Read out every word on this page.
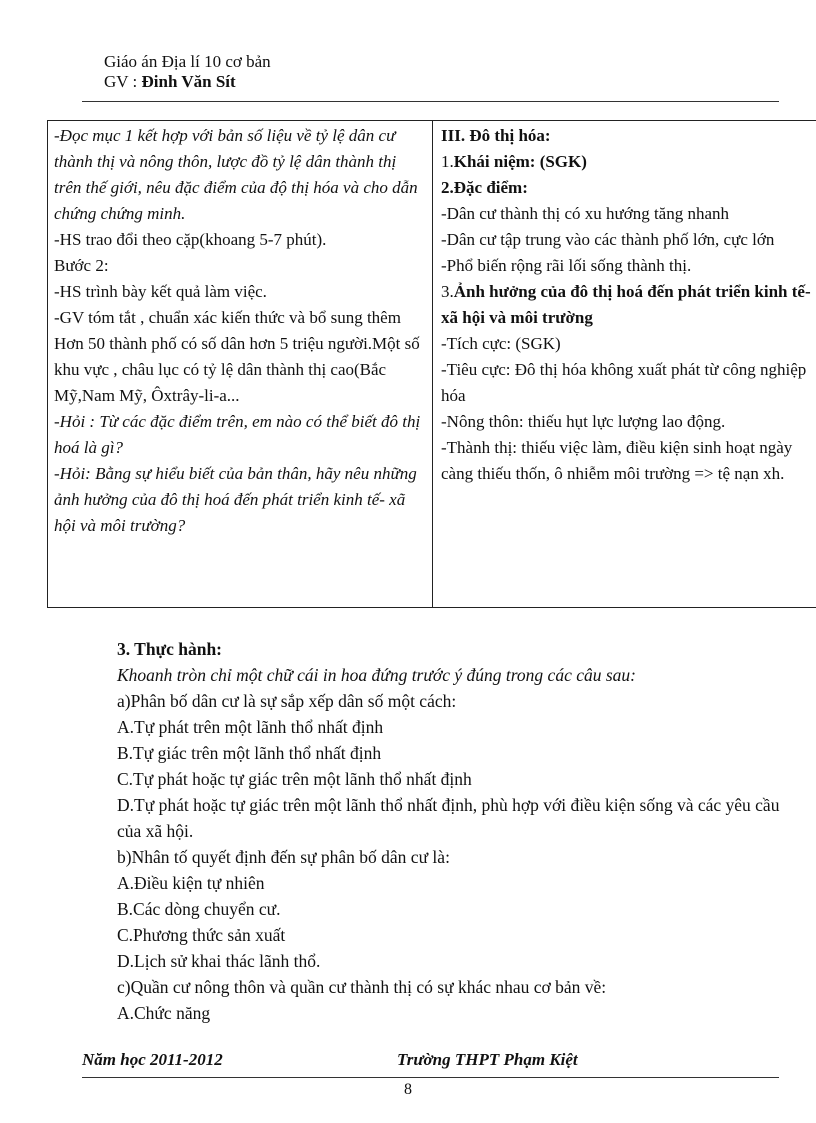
Giáo án Địa lí 10 cơ bản
GV : Đinh Văn Sít
-Đọc mục 1 kết hợp với bản số liệu về tỷ lệ dân cư thành thị và nông thôn, lược đồ tỷ lệ dân thành thị trên thế giới, nêu đặc điểm của độ thị hóa và cho dẫn chứng chứng minh.
-HS trao đổi theo cặp(khoang 5-7 phút).
Bước 2:
-HS trình bày kết quả làm việc.
-GV tóm tắt , chuẩn xác kiến thức và bổ sung thêm
Hơn 50 thành phố có số dân hơn 5 triệu người.Một số khu vực , châu lục có tỷ lệ dân thành thị cao(Bắc Mỹ,Nam Mỹ, Ôxtrây-li-a...
-Hỏi : Từ các đặc điểm trên, em nào có thể biết đô thị hoá là gì?
-Hỏi: Bằng sự hiểu biết của bản thân, hãy nêu những ảnh hưởng của đô thị hoá đến phát triển kinh tế- xã hội và môi trường?

III. Đô thị hóa:
1.Khái niệm: (SGK)
2.Đặc điểm:
-Dân cư thành thị có xu hướng tăng nhanh
-Dân cư tập trung vào các thành phố lớn, cực lớn
-Phổ biến rộng rãi lối sống thành thị.
3.Ảnh hưởng của đô thị hoá đến phát triển kinh tế- xã hội và môi trường
-Tích cực: (SGK)
-Tiêu cực: Đô thị hóa không xuất phát từ công nghiệp hóa
-Nông thôn: thiếu hụt lực lượng lao động.
-Thành thị: thiếu việc làm, điều kiện sinh hoạt ngày càng thiếu thốn, ô nhiễm môi trường => tệ nạn xh.

3. Thực hành:

Khoanh tròn chỉ một chữ cái in hoa đứng trước ý đúng trong các câu sau:

a)Phân bố dân cư là sự sắp xếp dân số một cách:

A.Tự phát trên một lãnh thổ nhất định

B.Tự giác trên một lãnh thổ nhất định

C.Tự phát hoặc tự giác trên một lãnh thổ nhất định

D.Tự phát hoặc tự giác trên một lãnh thổ nhất định, phù hợp với điều kiện sống và các yêu cầu của xã hội.

b)Nhân tố quyết định đến sự phân bố dân cư là:

A.Điều kiện tự nhiên

B.Các dòng chuyển cư.

C.Phương thức sản xuất

D.Lịch sử khai thác lãnh thổ.

c)Quần cư nông thôn và quần cư thành thị có sự khác nhau cơ bản về:

A.Chức năng

Năm học 2011-2012	Trường THPT Phạm Kiệt
8
